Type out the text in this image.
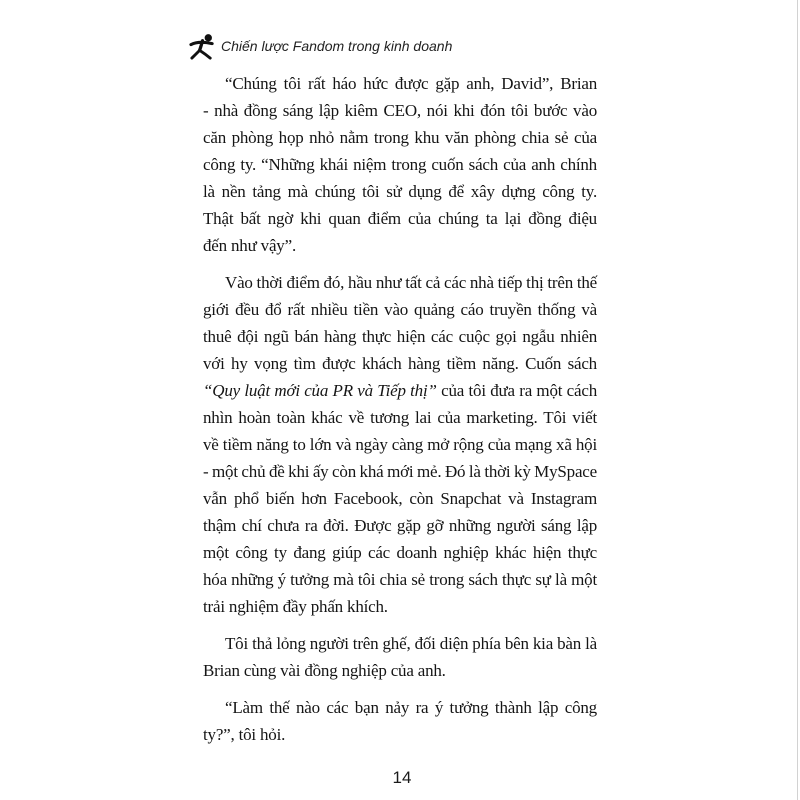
Chiến lược Fandom trong kinh doanh
“Chúng tôi rất háo hức được gặp anh, David”, Brian
- nhà đồng sáng lập kiêm CEO, nói khi đón tôi bước vào
căn phòng họp nhỏ nằm trong khu văn phòng chia sẻ của
công ty. “Những khái niệm trong cuốn sách của anh chính
là nền tảng mà chúng tôi sử dụng để xây dựng công ty.
Thật bất ngờ khi quan điểm của chúng ta lại đồng điệu
đến như vậy”.
Vào thời điểm đó, hầu như tất cả các nhà tiếp thị trên thế
giới đều đổ rất nhiều tiền vào quảng cáo truyền thống và
thuê đội ngũ bán hàng thực hiện các cuộc gọi ngẫu nhiên
với hy vọng tìm được khách hàng tiềm năng. Cuốn sách
“Quy luật mới của PR và Tiếp thị” của tôi đưa ra một cách
nhìn hoàn toàn khác về tương lai của marketing. Tôi viết
về tiềm năng to lớn và ngày càng mở rộng của mạng xã hội
- một chủ đề khi ấy còn khá mới mẻ. Đó là thời kỳ MySpace
vẫn phổ biến hơn Facebook, còn Snapchat và Instagram
thậm chí chưa ra đời. Được gặp gỡ những người sáng lập
một công ty đang giúp các doanh nghiệp khác hiện thực
hóa những ý tưởng mà tôi chia sẻ trong sách thực sự là một
trải nghiệm đầy phấn khích.
Tôi thả lỏng người trên ghế, đối diện phía bên kia bàn là
Brian cùng vài đồng nghiệp của anh.
“Làm thế nào các bạn nảy ra ý tưởng thành lập công
ty?”, tôi hỏi.
14
